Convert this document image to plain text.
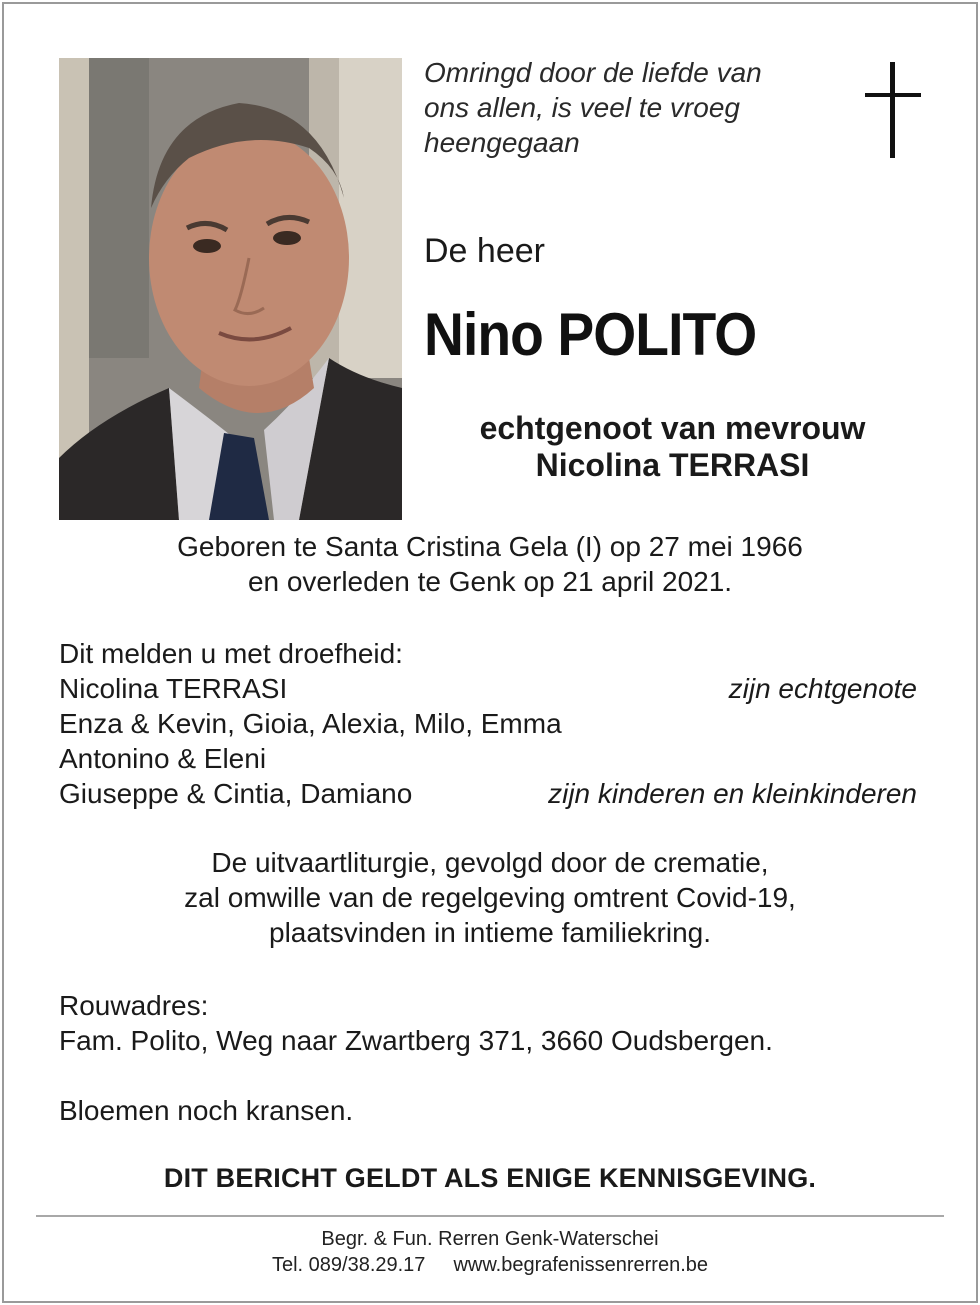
Omringd door de liefde van
ons allen, is veel te vroeg
heengegaan
De heer
Nino POLITO
echtgenoot van mevrouw
Nicolina TERRASI
Geboren te Santa Cristina Gela (I) op 27 mei 1966
en overleden te Genk op 21 april 2021.
Dit melden u met droefheid:
Nicolina TERRASI	zijn echtgenote
Enza & Kevin, Gioia, Alexia, Milo, Emma
Antonino & Eleni
Giuseppe & Cintia, Damiano	zijn kinderen en kleinkinderen
De uitvaartliturgie, gevolgd door de crematie,
zal omwille van de regelgeving omtrent Covid-19,
plaatsvinden in intieme familiekring.
Rouwadres:
Fam. Polito, Weg naar Zwartberg 371, 3660 Oudsbergen.
Bloemen noch kransen.
DIT BERICHT GELDT ALS ENIGE KENNISGEVING.
Begr. & Fun. Rerren Genk-Waterschei
Tel. 089/38.29.17 www.begrafenissenrerren.be
